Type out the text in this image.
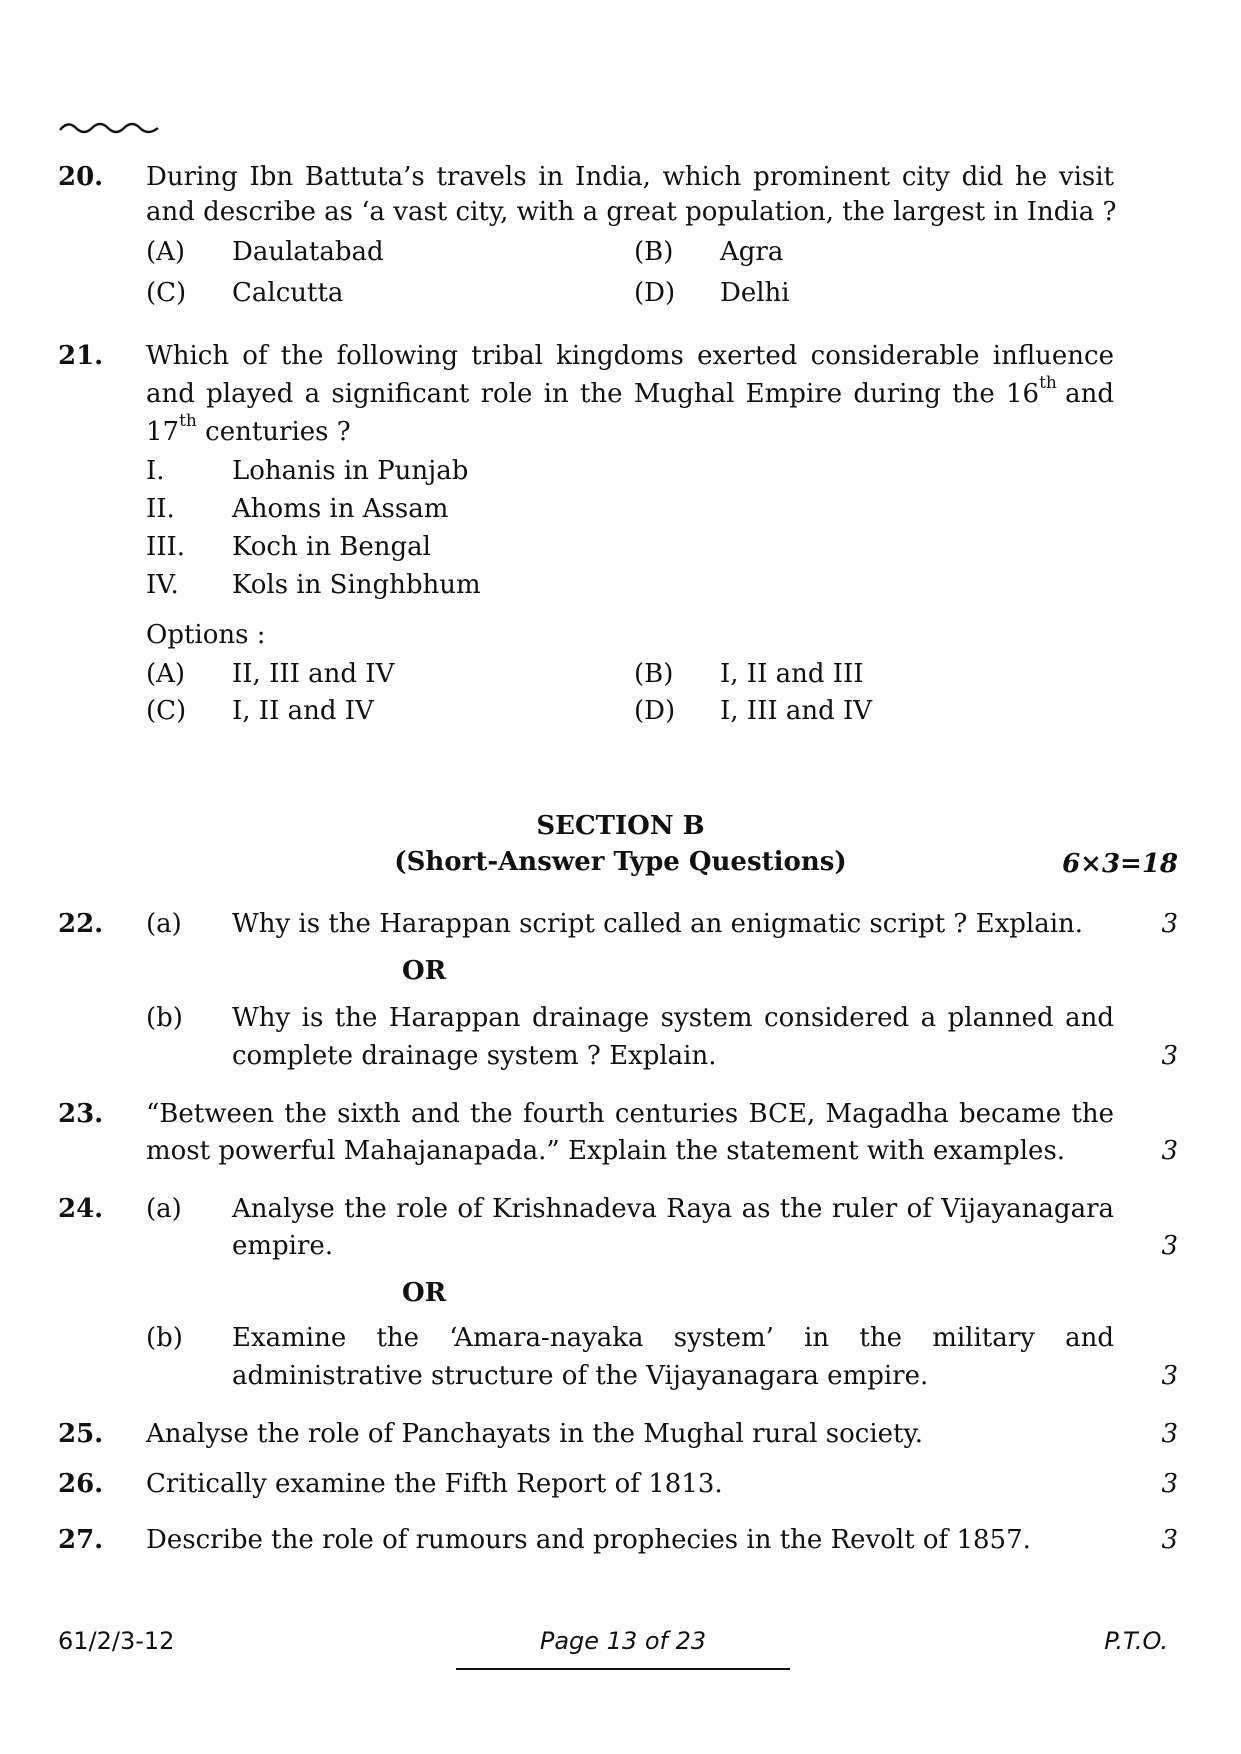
20. During Ibn Battuta’s travels in India, which prominent city did he visit
and describe as ‘a vast city, with a great population, the largest in India ?
(A) Daulatabad	(B) Agra
(C) Calcutta	(D) Delhi
21. Which of the following tribal kingdoms exerted considerable influence
and played a significant role in the Mughal Empire during the 16th and
17th centuries ?
I.	Lohanis in Punjab
II. Ahoms in Assam
III. Koch in Bengal
IV. Kols in Singhbhum
Options :
(A) II, III and IV	(B) I, II and III
(C) I, II and IV	(D) I, III and IV
SECTION B
(Short-Answer Type Questions)	6×3=18
22. (a) Why is the Harappan script called an enigmatic script ? Explain.	3
OR
(b) Why is the Harappan drainage system considered a planned and
complete drainage system ? Explain.	3
23. “Between the sixth and the fourth centuries BCE, Magadha became the
most powerful Mahajanapada.” Explain the statement with examples.	3
24. (a) Analyse the role of Krishnadeva Raya as the ruler of Vijayanagara
empire.	3
OR
(b) Examine the ‘Amara-nayaka system’ in the military and
administrative structure of the Vijayanagara empire.	3
25. Analyse the role of Panchayats in the Mughal rural society.	3
26. Critically examine the Fifth Report of 1813.	3
27. Describe the role of rumours and prophecies in the Revolt of 1857.	3
61/2/3-12	Page 13 of 23	P.T.O.
